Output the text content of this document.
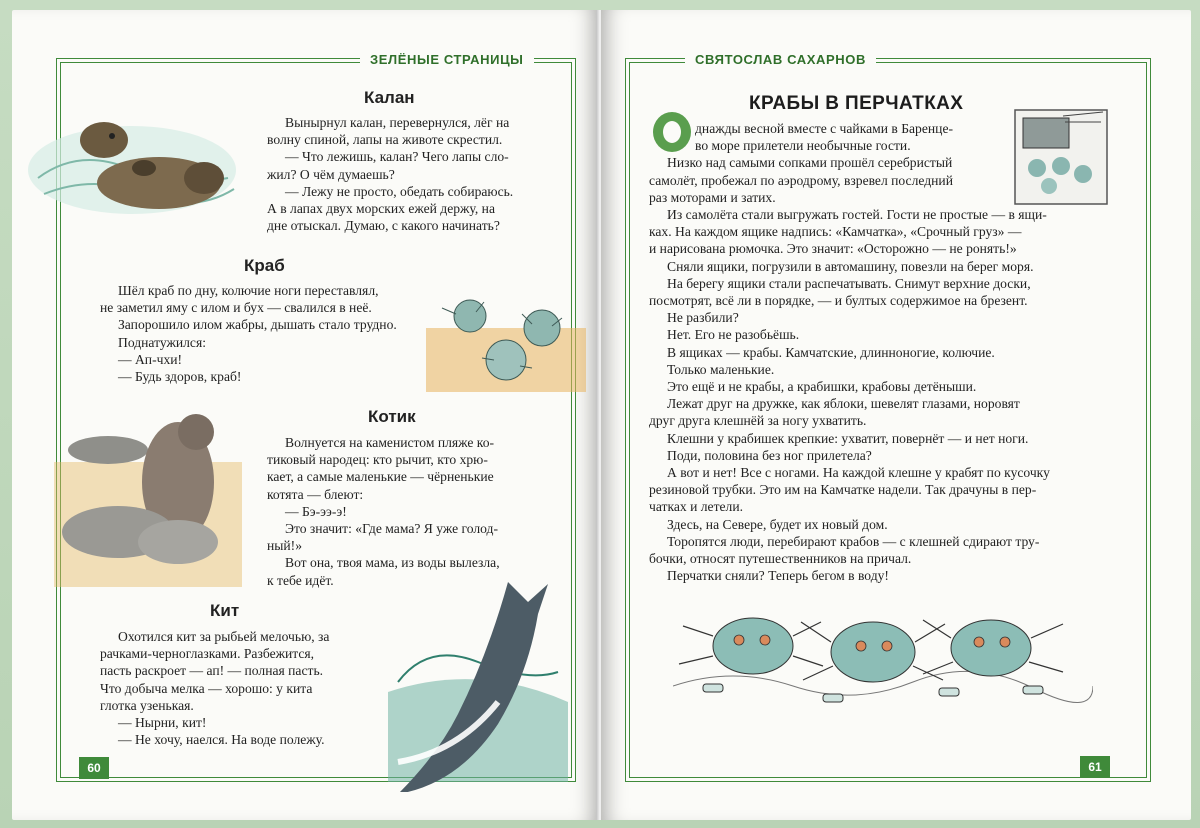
ЗЕЛЁНЫЕ СТРАНИЦЫ
60
Калан

Вынырнул калан, перевернулся, лёг на

волну спиной, лапы на животе скрестил.

— Что лежишь, калан? Чего лапы сло-

жил? О чём думаешь?

— Лежу не просто, обедать собираюсь.

А в лапах двух морских ежей держу, на

дне отыскал. Думаю, с какого начинать?

Краб

Шёл краб по дну, колючие ноги переставлял,

не заметил яму с илом и бух — свалился в неё.

Запорошило илом жабры, дышать стало трудно.

Поднатужился:

— Ап-чхи!

— Будь здоров, краб!

Котик

Волнуется на каменистом пляже ко-

тиковый народец: кто рычит, кто хрю-

кает, а самые маленькие — чёрненькие

котята — блеют:

— Бэ-ээ-э!

Это значит: «Где мама? Я уже голод-

ный!»

Вот она, твоя мама, из воды вылезла,

к тебе идёт.

Кит

Охотился кит за рыбьей мелочью, за

рачками-черноглазками. Разбежится,

пасть раскроет — ап! — полная пасть.

Что добыча мелка — хорошо: у кита

глотка узенькая.

— Нырни, кит!

— Не хочу, наелся. На воде полежу.

СВЯТОСЛАВ САХАРНОВ
61
КРАБЫ В ПЕРЧАТКАХ

днажды весной вместе с чайками в Баренце-

во море прилетели необычные гости.

Низко над самыми сопками прошёл серебристый

самолёт, пробежал по аэродрому, взревел последний

раз моторами и затих.

Из самолёта стали выгружать гостей. Гости не простые — в ящи-

ках. На каждом ящике надпись: «Камчатка», «Срочный груз» —

и нарисована рюмочка. Это значит: «Осторожно — не ронять!»

Сняли ящики, погрузили в автомашину, повезли на берег моря.

На берегу ящики стали распечатывать. Снимут верхние доски,

посмотрят, всё ли в порядке, — и бултых содержимое на брезент.

Не разбили?

Нет. Его не разобьёшь.

В ящиках — крабы. Камчатские, длинноногие, колючие.

Только маленькие.

Это ещё и не крабы, а крабишки, крабовы детёныши.

Лежат друг на дружке, как яблоки, шевелят глазами, норовят

друг друга клешнёй за ногу ухватить.

Клешни у крабишек крепкие: ухватит, повернёт — и нет ноги.

Поди, половина без ног прилетела?

А вот и нет! Все с ногами. На каждой клешне у крабят по кусочку

резиновой трубки. Это им на Камчатке надели. Так драчуны в пер-

чатках и летели.

Здесь, на Севере, будет их новый дом.

Торопятся люди, перебирают крабов — с клешней сдирают тру-

бочки, относят путешественников на причал.

Перчатки сняли? Теперь бегом в воду!
